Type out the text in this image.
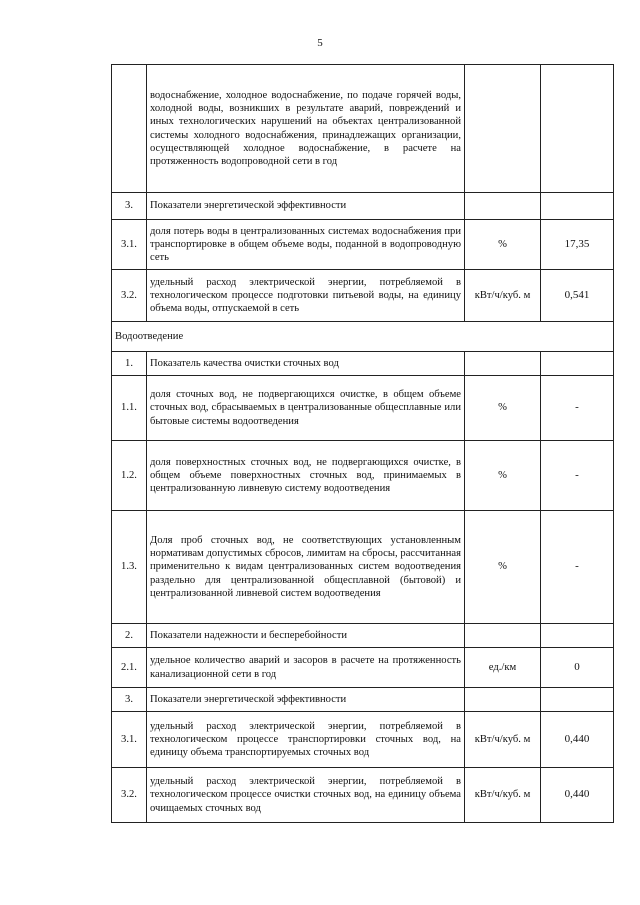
5
	водоснабжение, холодное водоснабжение, по подаче горячей воды, холодной воды, возникших в результате аварий, повреждений и иных технологических нарушений на объектах централизованной системы холодного водоснабжения, принадлежащих организации, осуществляющей холодное водоснабжение, в расчете на протяженность водопроводной сети в год		
3.	Показатели энергетической эффективности		
3.1.	доля потерь воды в централизованных системах водоснабжения при транспортировке в общем объеме воды, поданной в водопроводную сеть	%	17,35
3.2.	удельный расход электрической энергии, потребляемой в технологическом процессе подготовки питьевой воды, на единицу объема воды, отпускаемой в сеть	кВт/ч/куб. м	0,541
Водоотведение			
1.	Показатель качества очистки сточных вод		
1.1.	доля сточных вод, не подвергающихся очистке, в общем объеме сточных вод, сбрасываемых в централизованные общесплавные или бытовые системы водоотведения	%	-
1.2.	доля поверхностных сточных вод, не подвергающихся очистке, в общем объеме поверхностных сточных вод, принимаемых в централизованную ливневую систему водоотведения	%	-
1.3.	Доля проб сточных вод, не соответствующих установленным нормативам допустимых сбросов, лимитам на сбросы, рассчитанная применительно к видам централизованных систем водоотведения раздельно для централизованной общесплавной (бытовой) и централизованной ливневой систем водоотведения	%	-
2.	Показатели надежности и бесперебойности		
2.1.	удельное количество аварий и засоров в расчете на протяженность канализационной сети в год	ед./км	0
3.	Показатели энергетической эффективности		
3.1.	удельный расход электрической энергии, потребляемой в технологическом процессе транспортировки сточных вод, на единицу объема транспортируемых сточных вод	кВт/ч/куб. м	0,440
3.2.	удельный расход электрической энергии, потребляемой в технологическом процессе очистки сточных вод, на единицу объема очищаемых сточных вод	кВт/ч/куб. м	0,440
